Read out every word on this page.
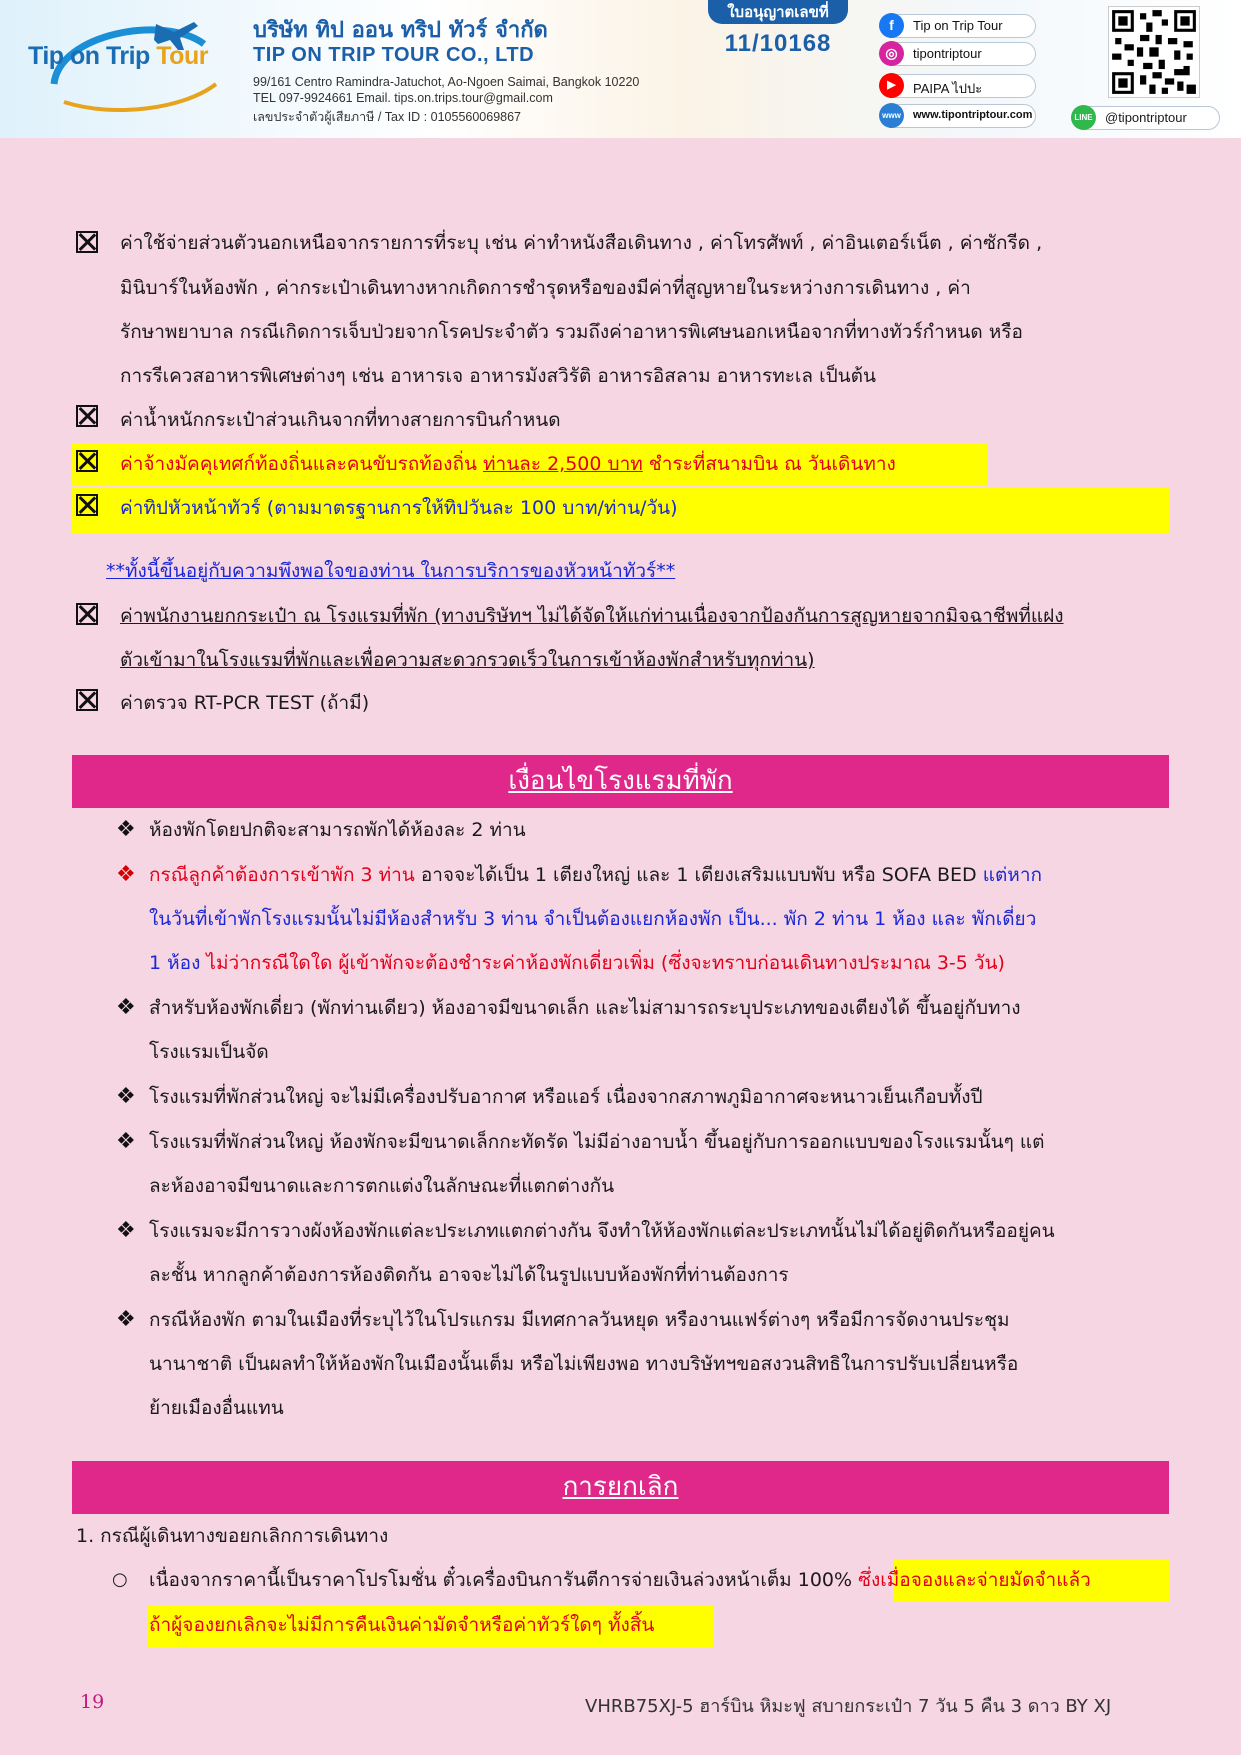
Tip on Trip Tour
บริษัท ทิป ออน ทริป ทัวร์ จำกัด
TIP ON TRIP TOUR CO., LTD
99/161 Centro Ramindra-Jatuchot, Ao-Ngoen Saimai, Bangkok 10220
TEL 097-9924661 Email. tips.on.trips.tour@gmail.com
เลขประจำตัวผู้เสียภาษี / Tax ID : 0105560069867
ใบอนุญาตเลขที่
11/10168
f	Tip on Trip Tour
◎	tipontriptour
▶	PAIPA ไปปะ
www www.tipontriptour.com	LINE @tipontriptour
ค่าใช้จ่ายส่วนตัวนอกเหนือจากรายการที่ระบุ เช่น ค่าทำหนังสือเดินทาง , ค่าโทรศัพท์ , ค่าอินเตอร์เน็ต , ค่าซักรีด ,
มินิบาร์ในห้องพัก , ค่ากระเป๋าเดินทางหากเกิดการชำรุดหรือของมีค่าที่สูญหายในระหว่างการเดินทาง , ค่า
รักษาพยาบาล กรณีเกิดการเจ็บป่วยจากโรคประจำตัว รวมถึงค่าอาหารพิเศษนอกเหนือจากที่ทางทัวร์กำหนด หรือ
การรีเควสอาหารพิเศษต่างๆ เช่น อาหารเจ อาหารมังสวิรัติ อาหารอิสลาม อาหารทะเล เป็นต้น
ค่าน้ำหนักกระเป๋าส่วนเกินจากที่ทางสายการบินกำหนด
ค่าจ้างมัคคุเทศก์ท้องถิ่นและคนขับรถท้องถิ่น ท่านละ 2,500 บาท ชำระที่สนามบิน ณ วันเดินทาง
ค่าทิปหัวหน้าทัวร์ (ตามมาตรฐานการให้ทิปวันละ 100 บาท/ท่าน/วัน)
**ทั้งนี้ขึ้นอยู่กับความพึงพอใจของท่าน ในการบริการของหัวหน้าทัวร์**
ค่าพนักงานยกกระเป๋า ณ โรงแรมที่พัก (ทางบริษัทฯ ไม่ได้จัดให้แก่ท่านเนื่องจากป้องกันการสูญหายจากมิจฉาชีพที่แฝง
ตัวเข้ามาในโรงแรมที่พักและเพื่อความสะดวกรวดเร็วในการเข้าห้องพักสำหรับทุกท่าน)
ค่าตรวจ RT-PCR TEST (ถ้ามี)
เงื่อนไขโรงแรมที่พัก
❖ ห้องพักโดยปกติจะสามารถพักได้ห้องละ 2 ท่าน
❖ กรณีลูกค้าต้องการเข้าพัก 3 ท่าน อาจจะได้เป็น 1 เตียงใหญ่ และ 1 เตียงเสริมแบบพับ หรือ SOFA BED แต่หาก
ในวันที่เข้าพักโรงแรมนั้นไม่มีห้องสำหรับ 3 ท่าน จำเป็นต้องแยกห้องพัก เป็น... พัก 2 ท่าน 1 ห้อง และ พักเดี่ยว
1 ห้อง ไม่ว่ากรณีใดใด ผู้เข้าพักจะต้องชำระค่าห้องพักเดี่ยวเพิ่ม (ซึ่งจะทราบก่อนเดินทางประมาณ 3-5 วัน)
❖ สำหรับห้องพักเดี่ยว (พักท่านเดียว) ห้องอาจมีขนาดเล็ก และไม่สามารถระบุประเภทของเตียงได้ ขึ้นอยู่กับทาง
โรงแรมเป็นจัด
❖ โรงแรมที่พักส่วนใหญ่ จะไม่มีเครื่องปรับอากาศ หรือแอร์ เนื่องจากสภาพภูมิอากาศจะหนาวเย็นเกือบทั้งปี
❖ โรงแรมที่พักส่วนใหญ่ ห้องพักจะมีขนาดเล็กกะทัดรัด ไม่มีอ่างอาบน้ำ ขึ้นอยู่กับการออกแบบของโรงแรมนั้นๆ แต่
ละห้องอาจมีขนาดและการตกแต่งในลักษณะที่แตกต่างกัน
❖ โรงแรมจะมีการวางผังห้องพักแต่ละประเภทแตกต่างกัน จึงทำให้ห้องพักแต่ละประเภทนั้นไม่ได้อยู่ติดกันหรืออยู่คน
ละชั้น หากลูกค้าต้องการห้องติดกัน อาจจะไม่ได้ในรูปแบบห้องพักที่ท่านต้องการ
❖ กรณีห้องพัก ตามในเมืองที่ระบุไว้ในโปรแกรม มีเทศกาลวันหยุด หรืองานแฟร์ต่างๆ หรือมีการจัดงานประชุม
นานาชาติ เป็นผลทำให้ห้องพักในเมืองนั้นเต็ม หรือไม่เพียงพอ ทางบริษัทฯขอสงวนสิทธิในการปรับเปลี่ยนหรือ
ย้ายเมืองอื่นแทน
การยกเลิก
1. กรณีผู้เดินทางขอยกเลิกการเดินทาง
○ เนื่องจากราคานี้เป็นราคาโปรโมชั่น ตั๋วเครื่องบินการันตีการจ่ายเงินล่วงหน้าเต็ม 100% ซึ่งเมื่อจองและจ่ายมัดจำแล้ว
ถ้าผู้จองยกเลิกจะไม่มีการคืนเงินค่ามัดจำหรือค่าทัวร์ใดๆ ทั้งสิ้น
19	VHRB75XJ-5 ฮาร์บิน หิมะฟู สบายกระเป๋า 7 วัน 5 คืน 3 ดาว BY XJ
